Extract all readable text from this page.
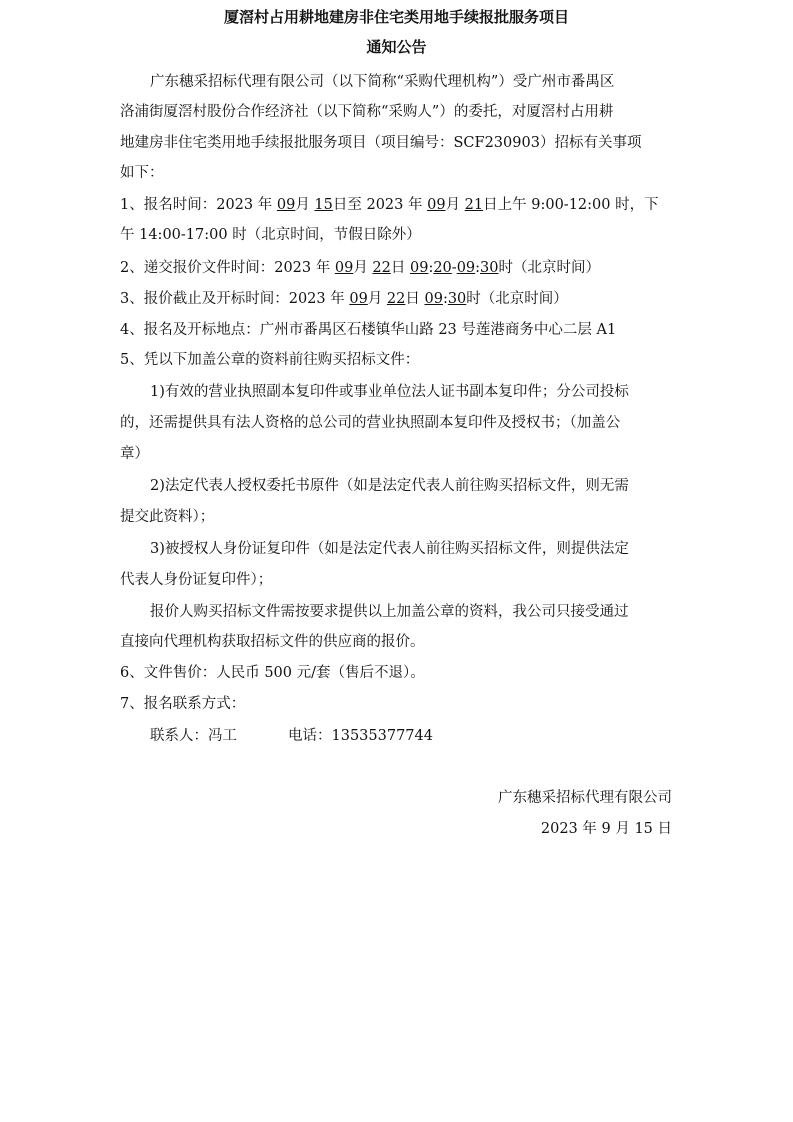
厦滘村占用耕地建房非住宅类用地手续报批服务项目
通知公告
广东穗采招标代理有限公司（以下简称“采购代理机构”）受广州市番禺区
洛浦街厦滘村股份合作经济社（以下简称“采购人”）的委托，对厦滘村占用耕
地建房非住宅类用地手续报批服务项目（项目编号：SCF230903）招标有关事项
如下：
1、报名时间：2023 年 09月 15日至 2023 年 09月 21日上午 9:00-12:00 时，下
午 14:00-17:00 时（北京时间，节假日除外）
2、递交报价文件时间：2023 年 09月 22日 09:20-09:30时（北京时间）
3、报价截止及开标时间：2023 年 09月 22日 09:30时（北京时间）
4、报名及开标地点：广州市番禺区石楼镇华山路 23 号莲港商务中心二层 A1
5、凭以下加盖公章的资料前往购买招标文件：
1)有效的营业执照副本复印件或事业单位法人证书副本复印件；分公司投标
的，还需提供具有法人资格的总公司的营业执照副本复印件及授权书；（加盖公
章）
2)法定代表人授权委托书原件（如是法定代表人前往购买招标文件，则无需
提交此资料）；
3)被授权人身份证复印件（如是法定代表人前往购买招标文件，则提供法定
代表人身份证复印件）；
报价人购买招标文件需按要求提供以上加盖公章的资料，我公司只接受通过
直接向代理机构获取招标文件的供应商的报价。
6、文件售价：人民币 500 元/套（售后不退）。
7、报名联系方式：
联系人：冯工	电话：13535377744
广东穗采招标代理有限公司
2023 年 9 月 15 日
